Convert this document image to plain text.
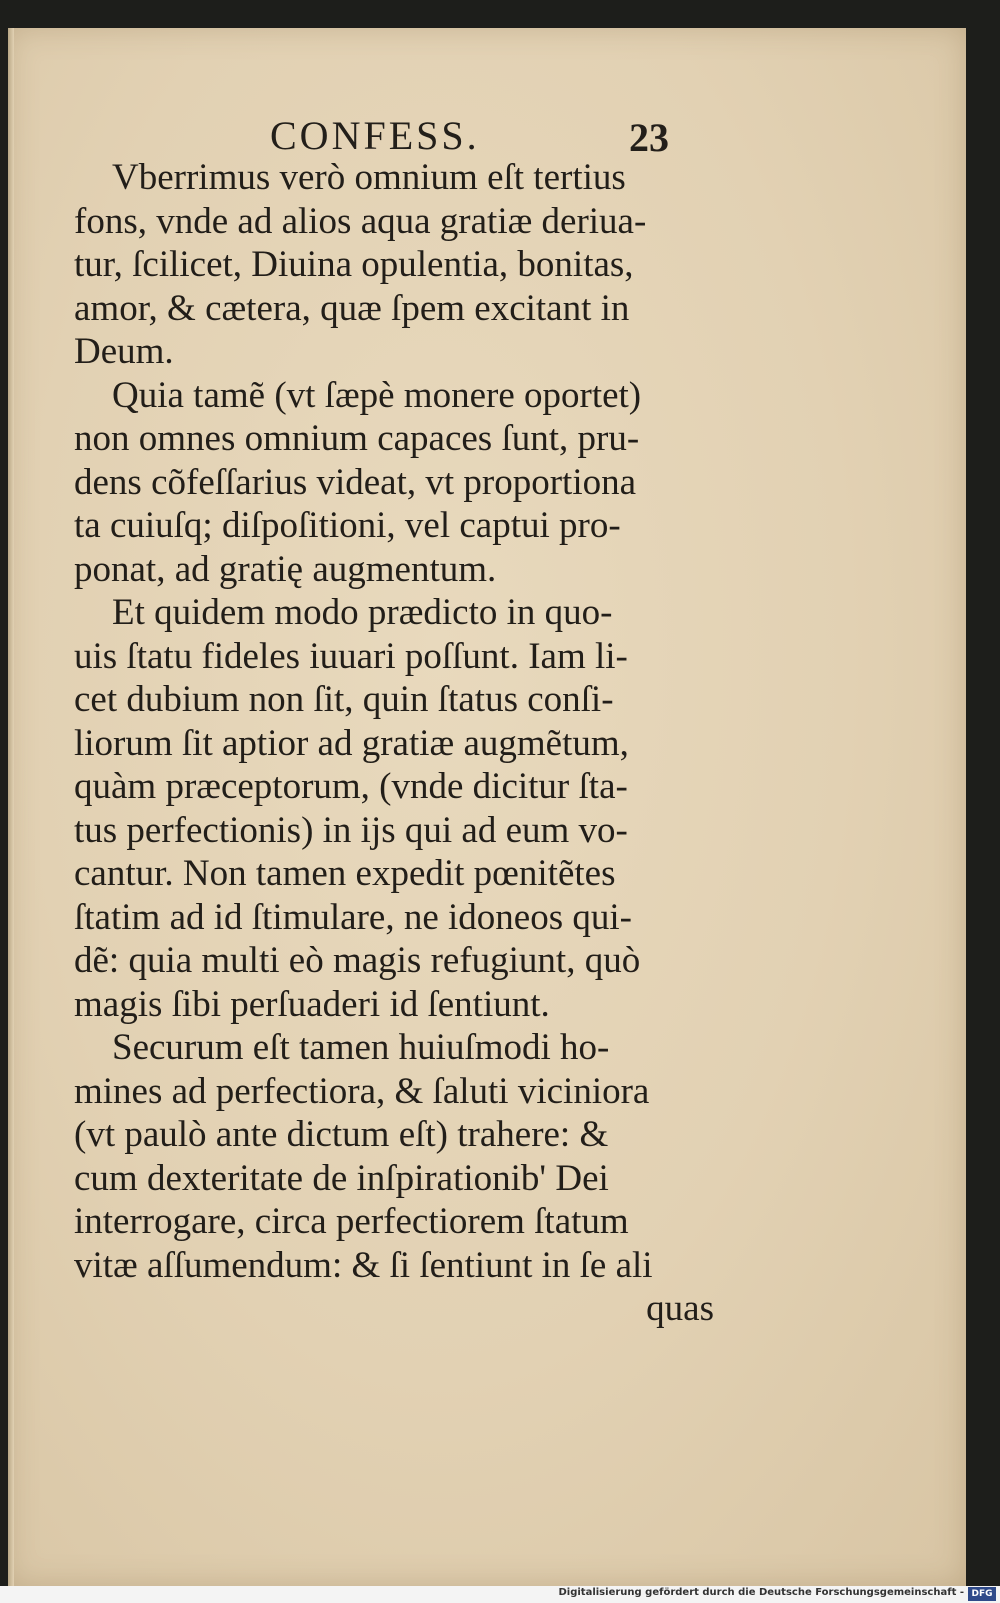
CONFESS.	23
Vberrimus verò omnium eſt tertius
fons, vnde ad alios aqua gratiæ deriua-
tur, ſcilicet, Diuina opulentia, bonitas,
amor, & cætera, quæ ſpem excitant in
Deum.
Quia tamẽ (vt ſæpè monere oportet)
non omnes omnium capaces ſunt, pru-
dens cõfeſſarius videat, vt proportiona
ta cuiuſq; diſpoſitioni, vel captui pro-
ponat, ad gratię augmentum.
Et quidem modo prædicto in quo-
uis ſtatu fideles iuuari poſſunt. Iam li-
cet dubium non ſit, quin ſtatus conſi-
liorum ſit aptior ad gratiæ augmẽtum,
quàm præceptorum, (vnde dicitur ſta-
tus perfectionis) in ijs qui ad eum vo-
cantur. Non tamen expedit pœnitẽtes
ſtatim ad id ſtimulare, ne idoneos qui-
dẽ: quia multi eò magis refugiunt, quò
magis ſibi perſuaderi id ſentiunt.
Securum eſt tamen huiuſmodi ho-
mines ad perfectiora, & ſaluti viciniora
(vt paulò ante dictum eſt) trahere: &
cum dexteritate de inſpirationib' Dei
interrogare, circa perfectiorem ſtatum
vitæ aſſumendum: & ſi ſentiunt in ſe ali
quas
Digitalisierung gefördert durch die Deutsche Forschungsgemeinschaft - DFG
